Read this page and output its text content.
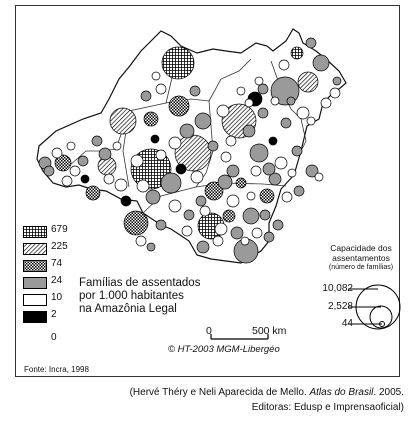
679
225
74
24
10
2
0
Famílias de assentados
por 1.000 habitantes
na Amazônia Legal
Capacidade dos
assentamentos
(número de famílias)
10,082
2,528
44
0	500 km
© HT-2003 MGM-Libergéo
Fonte: Incra, 1998
(Hervé Théry e Neli Aparecida de Mello. Atlas do Brasil. 2005.
Editoras: Edusp e Imprensaoficial)
